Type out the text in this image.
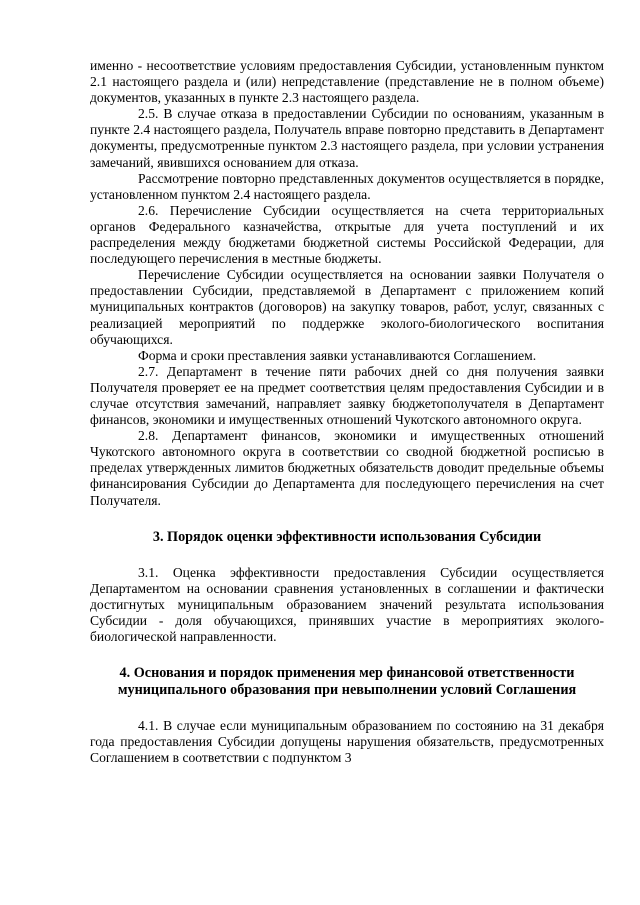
именно - несоответствие условиям предоставления Субсидии, установленным пунктом 2.1 настоящего раздела и (или) непредставление (представление не в полном объеме) документов, указанных в пункте 2.3 настоящего раздела.

2.5. В случае отказа в предоставлении Субсидии по основаниям, указанным в пункте 2.4 настоящего раздела, Получатель вправе повторно представить в Департамент документы, предусмотренные пунктом 2.3 настоящего раздела, при условии устранения замечаний, явившихся основанием для отказа.

Рассмотрение повторно представленных документов осуществляется в порядке, установленном пунктом 2.4 настоящего раздела.

2.6. Перечисление Субсидии осуществляется на счета территориальных органов Федерального казначейства, открытые для учета поступлений и их распределения между бюджетами бюджетной системы Российской Федерации, для последующего перечисления в местные бюджеты.

Перечисление Субсидии осуществляется на основании заявки Получателя о предоставлении Субсидии, представляемой в Департамент с приложением копий муниципальных контрактов (договоров) на закупку товаров, работ, услуг, связанных с реализацией мероприятий по поддержке эколого-биологического воспитания обучающихся.

Форма и сроки преставления заявки устанавливаются Соглашением.

2.7. Департамент в течение пяти рабочих дней со дня получения заявки Получателя проверяет ее на предмет соответствия целям предоставления Субсидии и в случае отсутствия замечаний, направляет заявку бюджетополучателя в Департамент финансов, экономики и имущественных отношений Чукотского автономного округа.

2.8. Департамент финансов, экономики и имущественных отношений Чукотского автономного округа в соответствии со сводной бюджетной росписью в пределах утвержденных лимитов бюджетных обязательств доводит предельные объемы финансирования Субсидии до Департамента для последующего перечисления на счет Получателя.

3. Порядок оценки эффективности использования Субсидии

3.1. Оценка эффективности предоставления Субсидии осуществляется Департаментом на основании сравнения установленных в соглашении и фактически достигнутых муниципальным образованием значений результата использования Субсидии - доля обучающихся, принявших участие в мероприятиях эколого-биологической направленности.

4. Основания и порядок применения мер финансовой ответственности

муниципального образования при невыполнении условий Соглашения

4.1. В случае если муниципальным образованием по состоянию на 31 декабря года предоставления Субсидии допущены нарушения обязательств, предусмотренных Соглашением в соответствии с подпунктом 3
